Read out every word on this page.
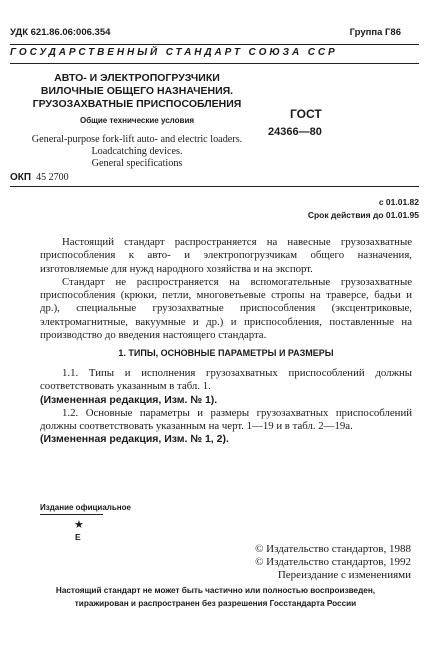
УДК 621.86.06:006.354	Группа Г86
ГОСУДАРСТВЕННЫЙ СТАНДАРТ СОЮЗА ССР
АВТО- И ЭЛЕКТРОПОГРУЗЧИКИ ВИЛОЧНЫЕ ОБЩЕГО НАЗНАЧЕНИЯ. ГРУЗОЗАХВАТНЫЕ ПРИСПОСОБЛЕНИЯ
Общие технические условия	ГОСТ
24366—80
General-purpose fork-lift auto- and electric loaders.
Loadcatching devices.
General specifications
ОКП 45 2700
с 01.01.82
Срок действия до 01.01.95

Настоящий стандарт распространяется на навесные грузозахватные приспособления к авто- и электропогрузчикам общего назначения, изготовляемые для нужд народного хозяйства и на экспорт.

Стандарт не распространяется на вспомогательные грузозахватные приспособления (крюки, петли, многоветьевые стропы на траверсе, бадьи и др.), специальные грузозахватные приспособления (эксцентриковые, электромагнитные, вакуумные и др.) и приспособления, поставленные на производство до введения настоящего стандарта.

1. ТИПЫ, ОСНОВНЫЕ ПАРАМЕТРЫ И РАЗМЕРЫ

1.1. Типы и исполнения грузозахватных приспособлений должны соответствовать указанным в табл. 1.

(Измененная редакция, Изм. № 1).

1.2. Основные параметры и размеры грузозахватных приспособлений должны соответствовать указанным на черт. 1—19 и в табл. 2—19а.

(Измененная редакция, Изм. № 1, 2).

Издание официальное
★
Е
© Издательство стандартов, 1988
© Издательство стандартов, 1992
Переиздание с изменениями
Настоящий стандарт не может быть частично или полностью воспроизведен,
тиражирован и распространен без разрешения Госстандарта России
